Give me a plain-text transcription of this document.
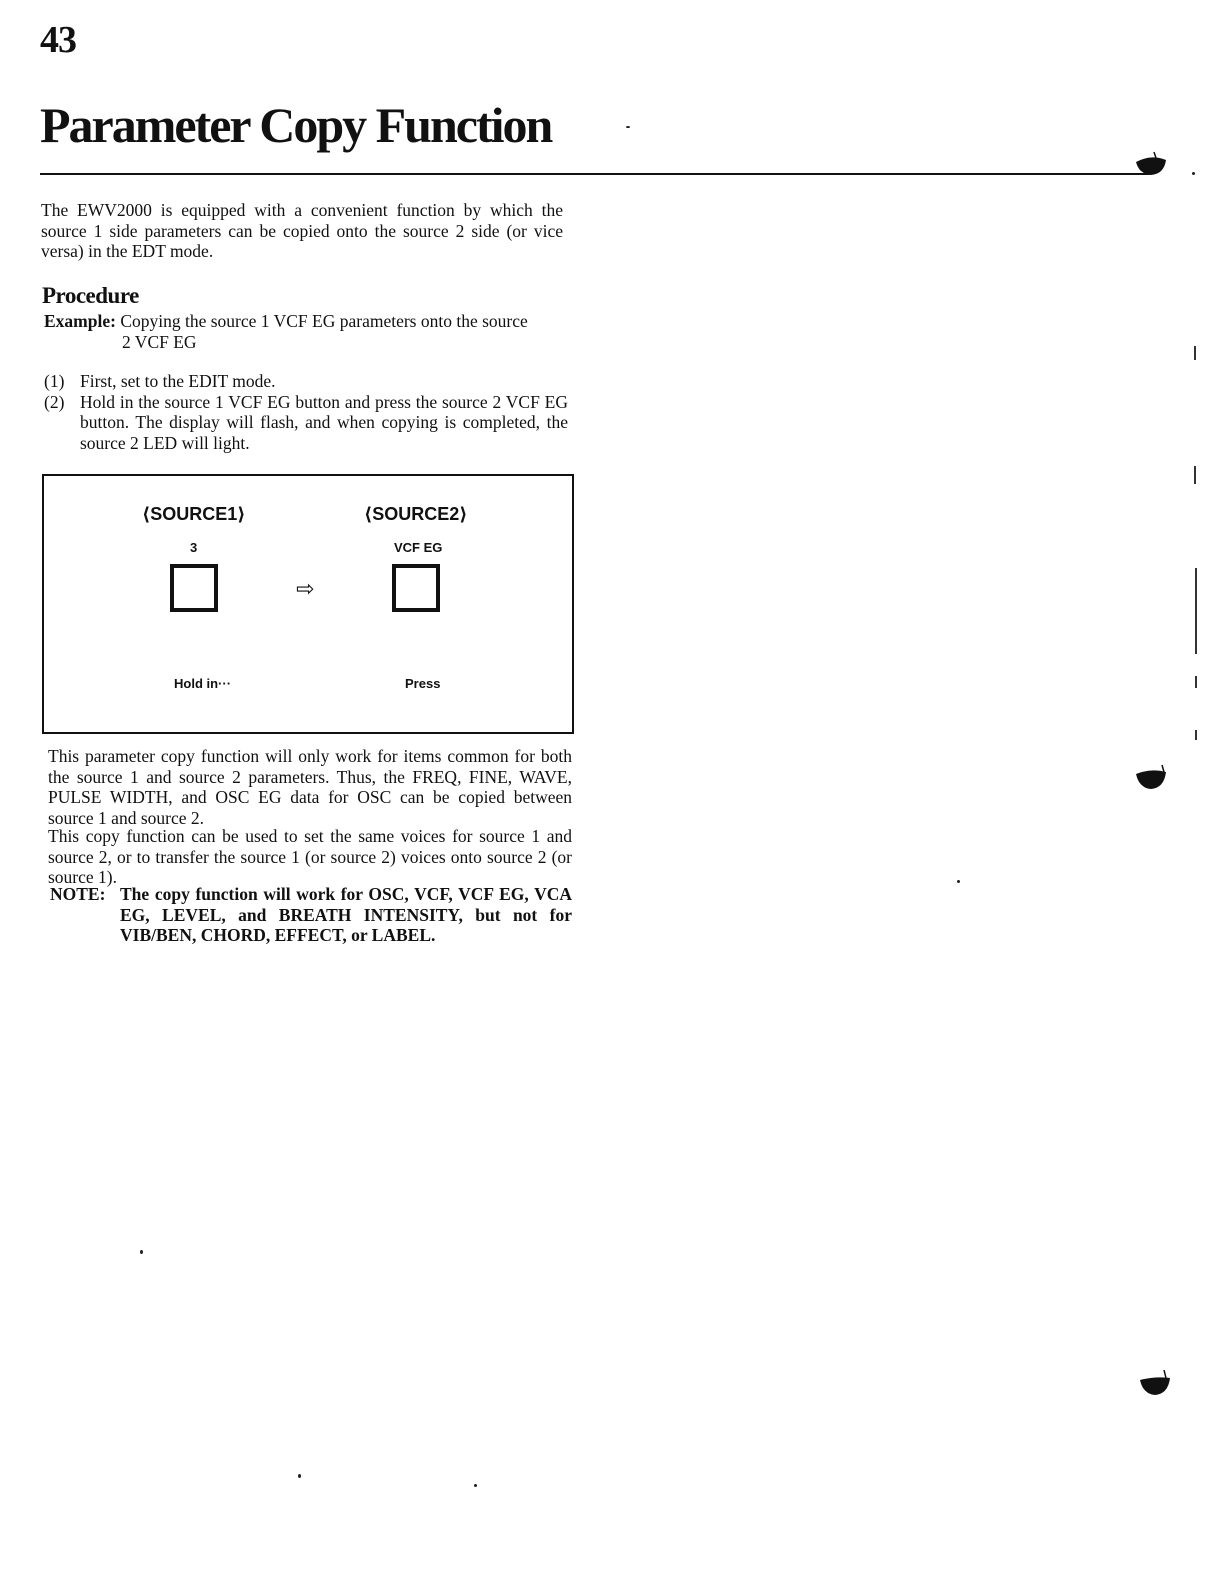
43
Parameter Copy Function

The EWV2000 is equipped with a convenient function by which the source 1 side parameters can be copied onto the source 2 side (or vice versa) in the EDT mode.

Procedure
Example: Copying the source 1 VCF EG parameters onto the source
2 VCF EG
(1) First, set to the EDIT mode.
(2) Hold in the source 1 VCF EG button and press the source 2 VCF EG button. The display will flash, and when copying is completed, the source 2 LED will light.
⟨SOURCE1⟩	⟨SOURCE2⟩
3	VCF EG
⇨
Hold in···	Press

This parameter copy function will only work for items common for both the source 1 and source 2 parameters. Thus, the FREQ, FINE, WAVE, PULSE WIDTH, and OSC EG data for OSC can be copied between source 1 and source 2.

This copy function can be used to set the same voices for source 1 and source 2, or to transfer the source 1 (or source 2) voices onto source 2 (or source 1).

NOTE: The copy function will work for OSC, VCF, VCF EG, VCA EG, LEVEL, and BREATH INTENSITY, but not for VIB/BEN, CHORD, EFFECT, or LABEL.
